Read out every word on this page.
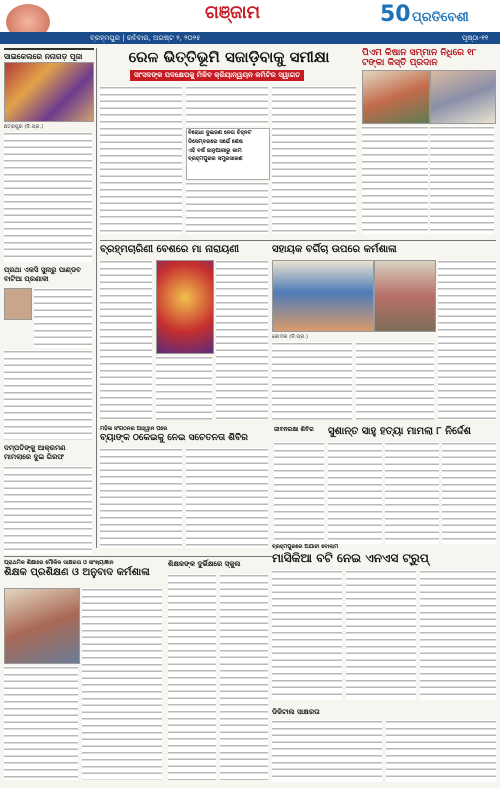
ଗଞ୍ଜାମ	50 ପ୍ରତିବେଶୀ
ବ୍ରହ୍ମପୁର | ରବିବାର, ଅଗଷ୍ଟ ୨, ୨୦୨୫	ପୃଷ୍ଠା-୧୧
ସାଇକେଲରେ ନନାଗଡ଼ ପୂଜା
ଛତ୍ରପୁର (ନି.ପ୍ର.)
ପ୍ରଥା ଏକସି ସୁନାରୁ ପାଣ୍ଡବ ବାଟିଆ ପ୍ରଣାଳୀ
ଦମ୍ପତିଙ୍କୁ ଆକ୍ରମଣ ମାମଲାରେ ଦୁଇ ଗିରଫ
ରେଳ ଭିତ୍ତିଭୂମି ସଜାଡ଼ିବାକୁ ସମୀକ୍ଷା
ସାଂସଦଙ୍କ ପଦକ୍ଷେପକୁ ମିଳିବ କ୍ରିୟାନ୍ୱୟନ କମିଟିର ସ୍ୱାଗତ
ବିରୋଧୀ ଦୁଇଜଣ ନେତା ଚିହ୍ନଟ
ଡିସେମ୍ବରରେ ସର୍ଭେ ଶେଷ
ଏହି ବର୍ଷ ଜାନୁଆରୀରୁ କାମ
ବ୍ରହ୍ମପୁରର ସମ୍ପ୍ରସାରଣ
ପିଏମ କିଷାନ ସମ୍ମାନ ନିଧିରେ ୧୮ ଟଙ୍କା କିସ୍ତି ପ୍ରଦାନ
ବ୍ରହ୍ମଚାରିଣୀ ବେଶରେ ମା ନାରାୟଣୀ	ସହାୟକ ବର୍ଗିଚା ଉପରେ କର୍ମଶାଳା
କୋଦଳା (ନି.ପ୍ର.)
ମହିଳା ସଂଗଠନର ଆହ୍ୱାନ ପରେ
ବ୍ୟାଙ୍କ ଠକେଇକୁ ନେଇ ସଚେତନତା ଶିବିର
ଜୀବନରକ୍ଷା ଶିବିର	ସୁଶାନ୍ତ ସାହୁ ହତ୍ୟା ମାମଲା ୮ ନିର୍ଦ୍ଦେଶ
ବ୍ରହ୍ମପୁରରେ ଅଯାଚୀ ବୋଲାମ
ମାସିକିଆ ବଟି ନେଇ ଏନଏସ ଟ୍ରୁପ୍
ପ୍ରାଥମିକ ଶିକ୍ଷାରେ ମୌଳିକ ସାକ୍ଷରତା ଓ ସାଂଖ୍ୟାଜ୍ଞାନ
ଶିକ୍ଷକ ପ୍ରଶିକ୍ଷଣ ଓ ଅନୁବାଦ କର୍ମଶାଳା
ଶିକ୍ଷକଙ୍କ ଦୁର୍ଭିକ୍ଷରେ ସ୍କୁଲ
ଡିଜିଟାଲ ସାକ୍ଷରତା
